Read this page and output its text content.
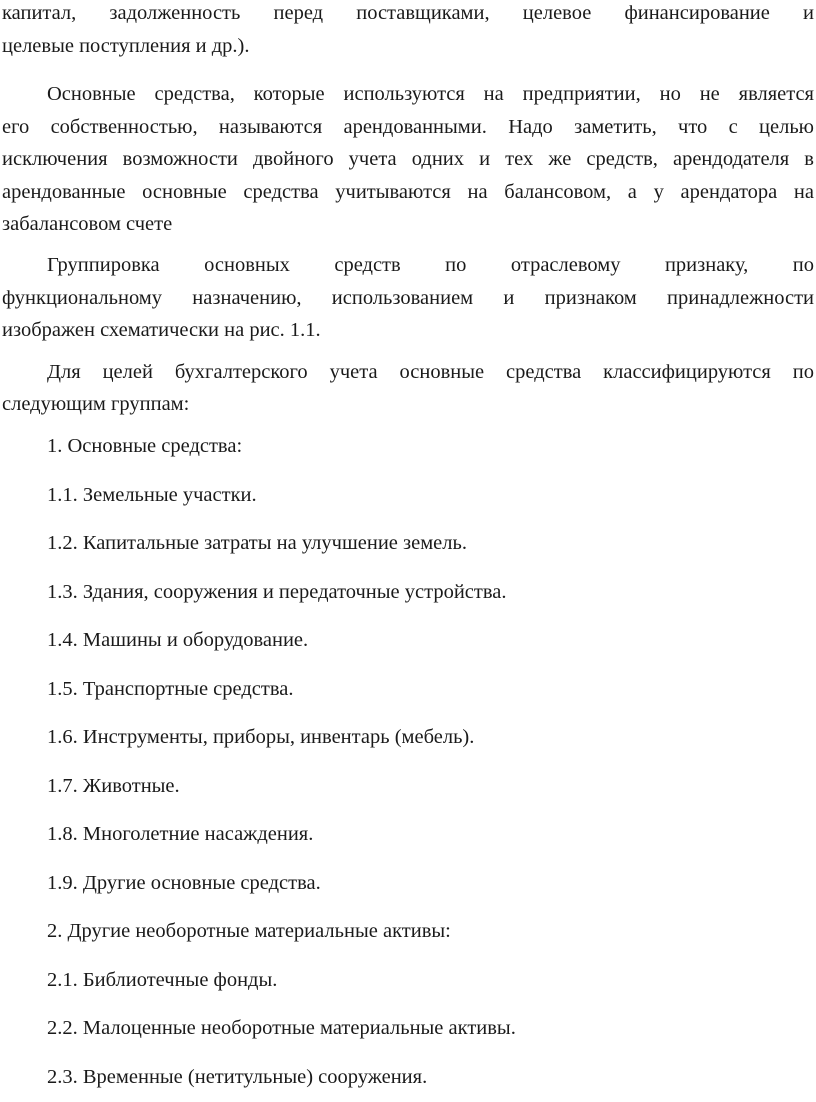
капитал, задолженность перед поставщиками, целевое финансирование и
целевые поступления и др.).
Основные средства, которые используются на предприятии, но не является
его собственностью, называются арендованными. Надо заметить, что с целью
исключения возможности двойного учета одних и тех же средств, арендодателя в
арендованные основные средства учитываются на балансовом, а у арендатора на
забалансовом счете
Группировка основных средств по отраслевому признаку, по
функциональному назначению, использованием и признаком принадлежности
изображен схематически на рис. 1.1.
Для целей бухгалтерского учета основные средства классифицируются по
следующим группам:
1. Основные средства:
1.1. Земельные участки.
1.2. Капитальные затраты на улучшение земель.
1.3. Здания, сооружения и передаточные устройства.
1.4. Машины и оборудование.
1.5. Транспортные средства.
1.6. Инструменты, приборы, инвентарь (мебель).
1.7. Животные.
1.8. Многолетние насаждения.
1.9. Другие основные средства.
2. Другие необоротные материальные активы:
2.1. Библиотечные фонды.
2.2. Малоценные необоротные материальные активы.
2.3. Временные (нетитульные) сооружения.
